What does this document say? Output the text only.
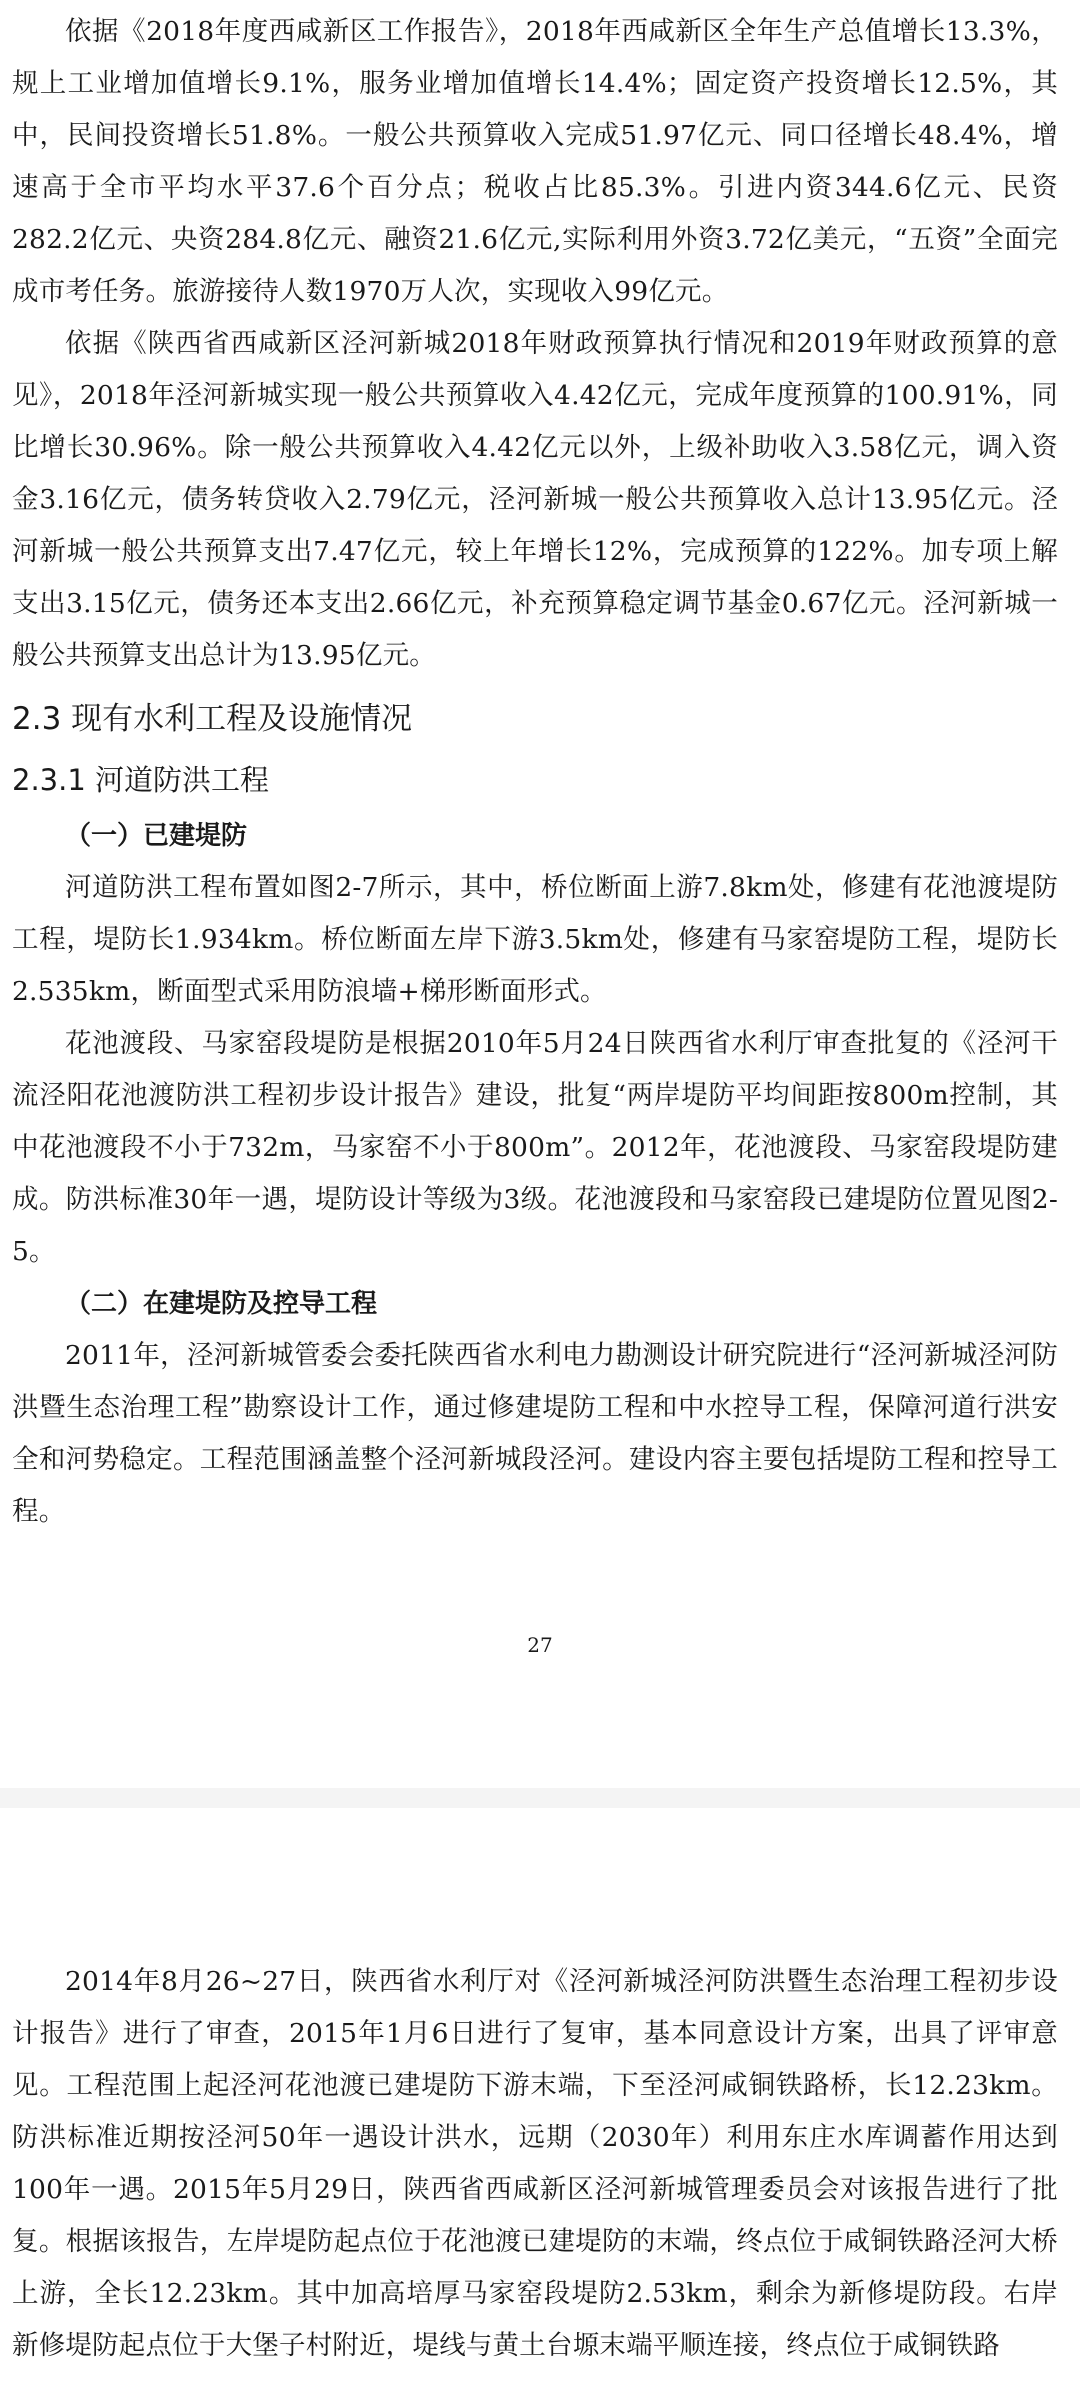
依据《2018年度西咸新区工作报告》，2018年西咸新区全年生产总值增长13.3%，规上工业增加值增长9.1%，服务业增加值增长14.4%；固定资产投资增长12.5%，其中，民间投资增长51.8%。一般公共预算收入完成51.97亿元、同口径增长48.4%，增速高于全市平均水平37.6个百分点；税收占比85.3%。引进内资344.6亿元、民资282.2亿元、央资284.8亿元、融资21.6亿元,实际利用外资3.72亿美元，“五资”全面完成市考任务。旅游接待人数1970万人次，实现收入99亿元。

依据《陕西省西咸新区泾河新城2018年财政预算执行情况和2019年财政预算的意见》，2018年泾河新城实现一般公共预算收入4.42亿元，完成年度预算的100.91%，同比增长30.96%。除一般公共预算收入4.42亿元以外，上级补助收入3.58亿元，调入资金3.16亿元，债务转贷收入2.79亿元，泾河新城一般公共预算收入总计13.95亿元。泾河新城一般公共预算支出7.47亿元，较上年增长12%，完成预算的122%。加专项上解支出3.15亿元，债务还本支出2.66亿元，补充预算稳定调节基金0.67亿元。泾河新城一般公共预算支出总计为13.95亿元。

2.3 现有水利工程及设施情况
2.3.1 河道防洪工程
（一）已建堤防

河道防洪工程布置如图2-7所示，其中，桥位断面上游7.8km处，修建有花池渡堤防工程，堤防长1.934km。桥位断面左岸下游3.5km处，修建有马家窑堤防工程，堤防长2.535km，断面型式采用防浪墙+梯形断面形式。

花池渡段、马家窑段堤防是根据2010年5月24日陕西省水利厅审查批复的《泾河干流泾阳花池渡防洪工程初步设计报告》建设，批复“两岸堤防平均间距按800m控制，其中花池渡段不小于732m，马家窑不小于800m”。2012年，花池渡段、马家窑段堤防建成。防洪标准30年一遇，堤防设计等级为3级。花池渡段和马家窑段已建堤防位置见图2-5。

（二）在建堤防及控导工程

2011年，泾河新城管委会委托陕西省水利电力勘测设计研究院进行“泾河新城泾河防洪暨生态治理工程”勘察设计工作，通过修建堤防工程和中水控导工程，保障河道行洪安全和河势稳定。工程范围涵盖整个泾河新城段泾河。建设内容主要包括堤防工程和控导工程。

27

2014年8月26~27日，陕西省水利厅对《泾河新城泾河防洪暨生态治理工程初步设计报告》进行了审查，2015年1月6日进行了复审，基本同意设计方案，出具了评审意见。工程范围上起泾河花池渡已建堤防下游末端，下至泾河咸铜铁路桥，长12.23km。防洪标准近期按泾河50年一遇设计洪水，远期（2030年）利用东庄水库调蓄作用达到100年一遇。2015年5月29日，陕西省西咸新区泾河新城管理委员会对该报告进行了批复。根据该报告，左岸堤防起点位于花池渡已建堤防的末端，终点位于咸铜铁路泾河大桥上游，全长12.23km。其中加高培厚马家窑段堤防2.53km，剩余为新修堤防段。右岸新修堤防起点位于大堡子村附近，堤线与黄土台塬末端平顺连接，终点位于咸铜铁路
